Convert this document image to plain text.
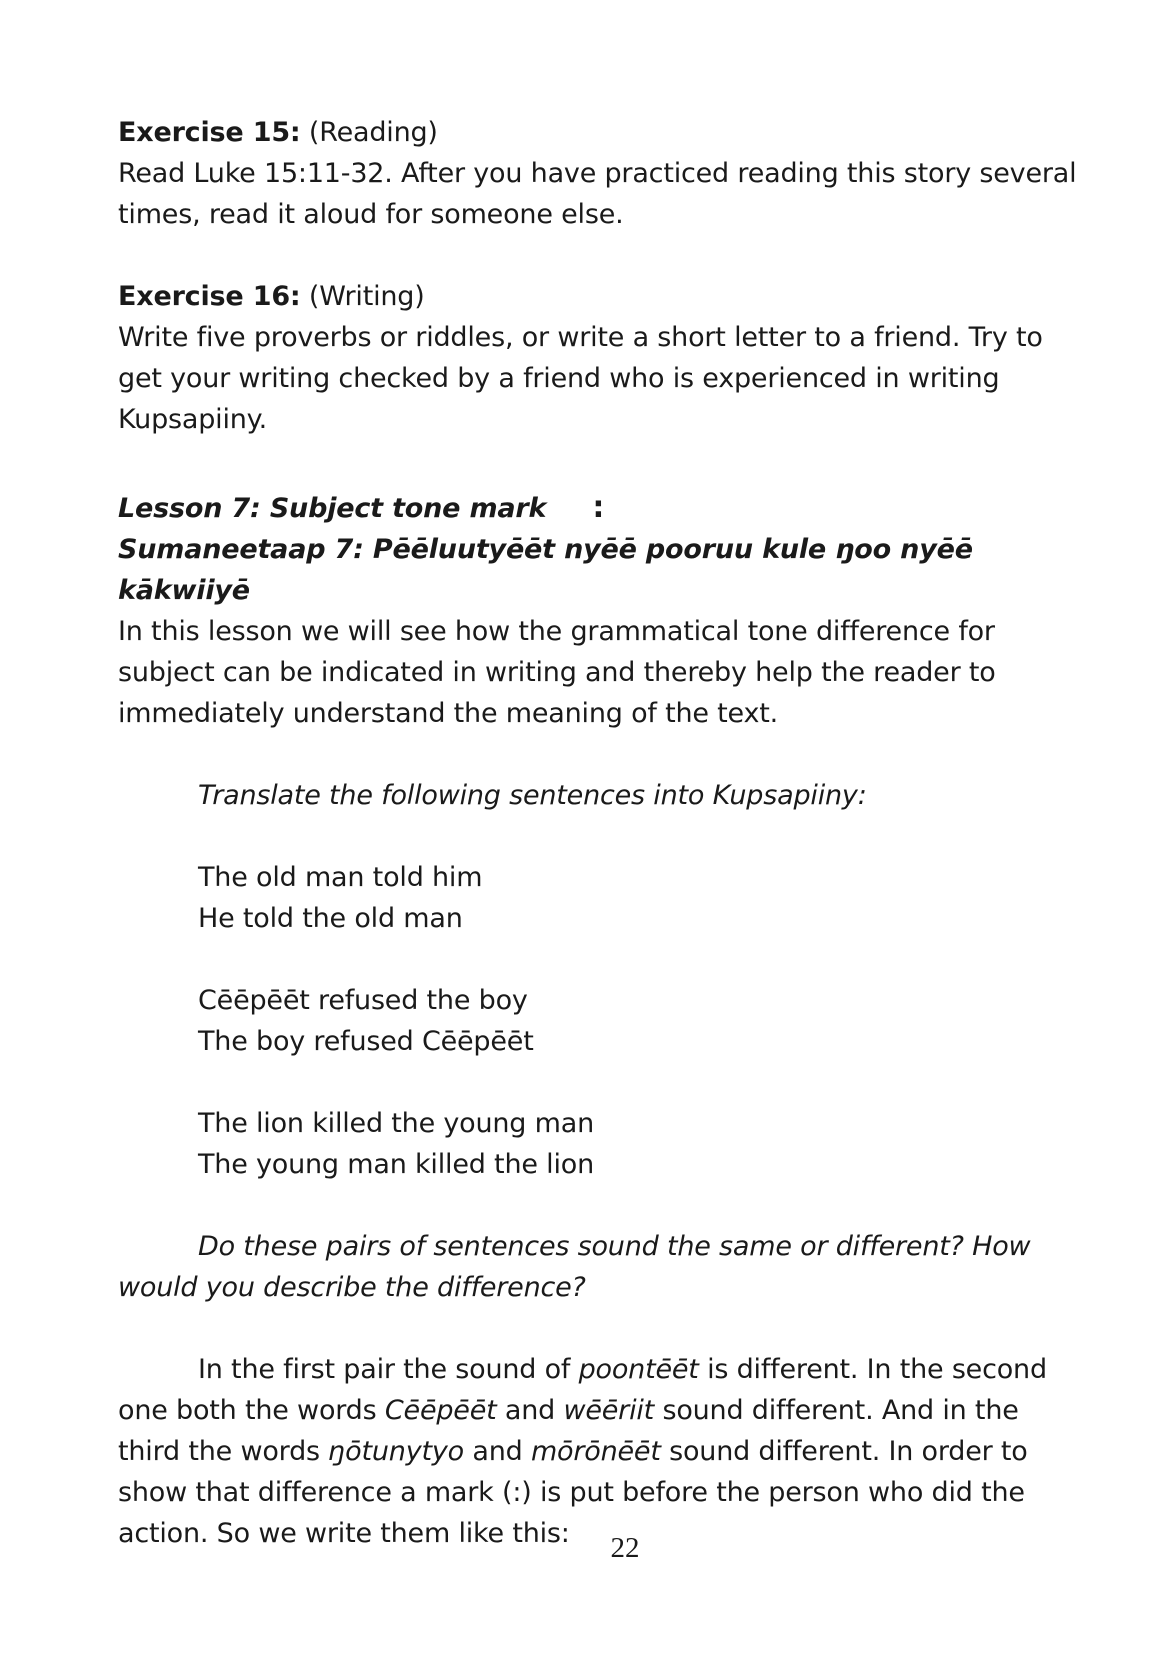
Exercise 15: (Reading)

Read Luke 15:11-32. After you have practiced reading this story several times, read it aloud for someone else.

Exercise 16: (Writing)

Write five proverbs or riddles, or write a short letter to a friend. Try to get your writing checked by a friend who is experienced in writing Kupsapiiny.

Lesson 7: Subject tone mark :

Sumaneetaap 7: Pēēluutyēēt nyēē pooruu kule ŋoo nyēē kākwiiyē

In this lesson we will see how the grammatical tone difference for subject can be indicated in writing and thereby help the reader to immediately understand the meaning of the text.

Translate the following sentences into Kupsapiiny:

The old man told him

He told the old man

Cēēpēēt refused the boy

The boy refused Cēēpēēt

The lion killed the young man

The young man killed the lion

Do these pairs of sentences sound the same or different? How would you describe the difference?

In the first pair the sound of poontēēt is different. In the second one both the words Cēēpēēt and wēēriit sound different. And in the third the words ŋōtunytyo and mōrōnēēt sound different. In order to show that difference a mark (:) is put before the person who did the action. So we write them like this:	22
